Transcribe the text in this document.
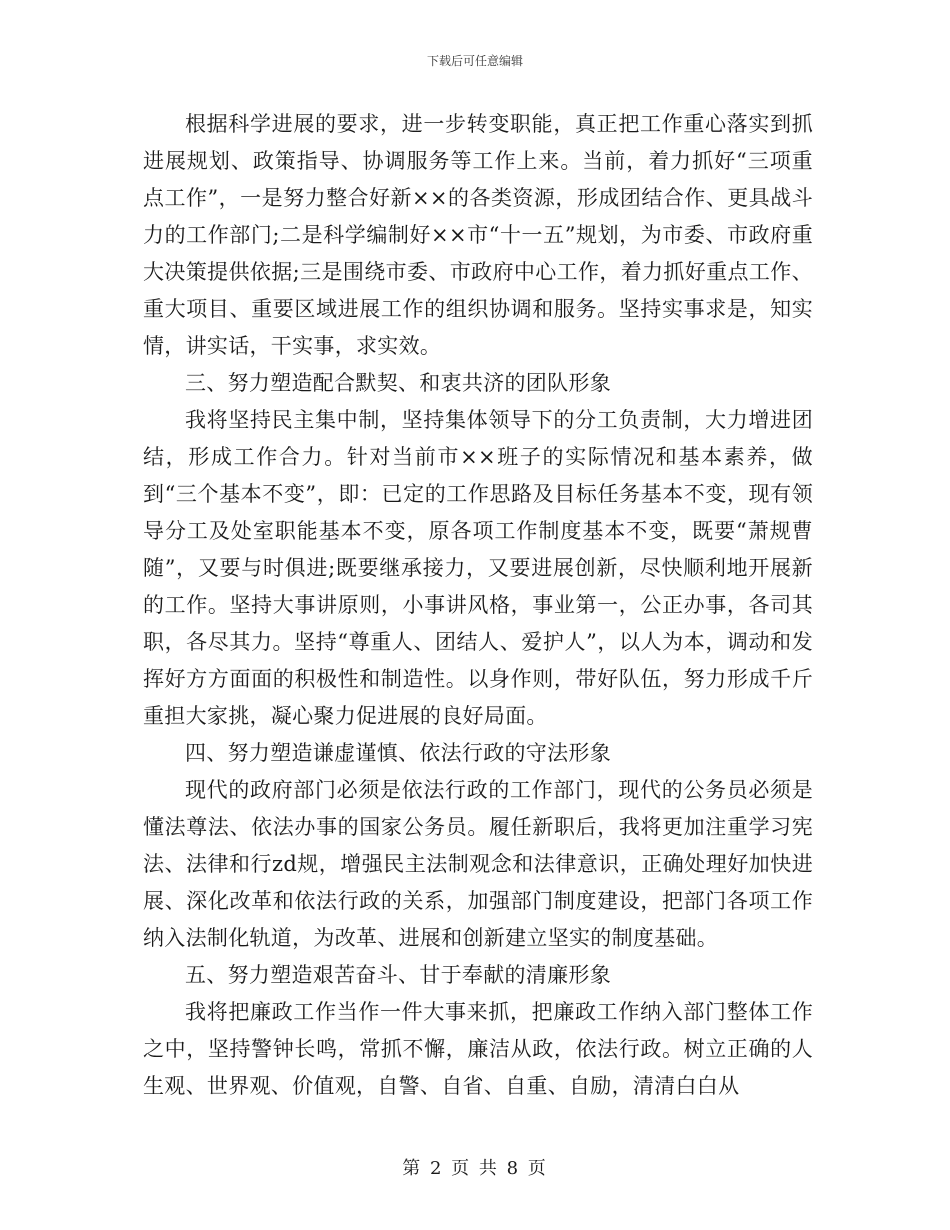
下载后可任意编辑

根据科学进展的要求，进一步转变职能，真正把工作重心落实到抓进展规划、政策指导、协调服务等工作上来。当前，着力抓好“三项重点工作”，一是努力整合好新××的各类资源，形成团结合作、更具战斗力的工作部门;二是科学编制好××市“十一五”规划，为市委、市政府重大决策提供依据;三是围绕市委、市政府中心工作，着力抓好重点工作、重大项目、重要区域进展工作的组织协调和服务。坚持实事求是，知实情，讲实话，干实事，求实效。

三、努力塑造配合默契、和衷共济的团队形象

我将坚持民主集中制，坚持集体领导下的分工负责制，大力增进团结，形成工作合力。针对当前市××班子的实际情况和基本素养，做到“三个基本不变”，即：已定的工作思路及目标任务基本不变，现有领导分工及处室职能基本不变，原各项工作制度基本不变，既要“萧规曹随”，又要与时俱进;既要继承接力，又要进展创新，尽快顺利地开展新的工作。坚持大事讲原则，小事讲风格，事业第一，公正办事，各司其职，各尽其力。坚持“尊重人、团结人、爱护人”，以人为本，调动和发挥好方方面面的积极性和制造性。以身作则，带好队伍，努力形成千斤重担大家挑，凝心聚力促进展的良好局面。

四、努力塑造谦虚谨慎、依法行政的守法形象

现代的政府部门必须是依法行政的工作部门，现代的公务员必须是懂法尊法、依法办事的国家公务员。履任新职后，我将更加注重学习宪法、法律和行zd规，增强民主法制观念和法律意识，正确处理好加快进展、深化改革和依法行政的关系，加强部门制度建设，把部门各项工作纳入法制化轨道，为改革、进展和创新建立坚实的制度基础。

五、努力塑造艰苦奋斗、甘于奉献的清廉形象

我将把廉政工作当作一件大事来抓，把廉政工作纳入部门整体工作之中，坚持警钟长鸣，常抓不懈，廉洁从政，依法行政。树立正确的人生观、世界观、价值观，自警、自省、自重、自励，清清白白从

第 2 页 共 8 页
